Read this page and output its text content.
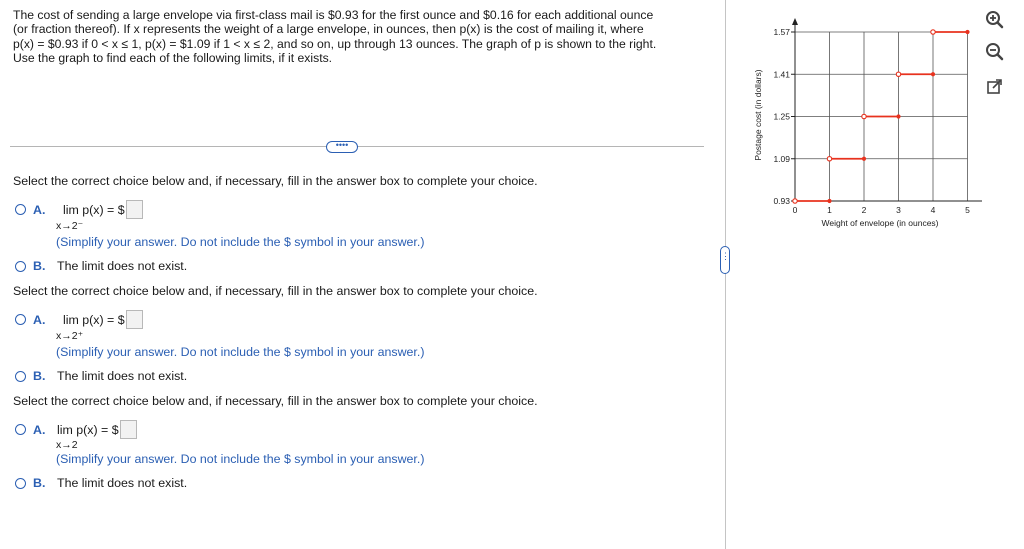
The cost of sending a large envelope via first-class mail is $0.93 for the first ounce and $0.16 for each additional ounce
(or fraction thereof). If x represents the weight of a large envelope, in ounces, then p(x) is the cost of mailing it, where
p(x) = $0.93 if 0 < x ≤ 1, p(x) = $1.09 if 1 < x ≤ 2, and so on, up through 13 ounces. The graph of p is shown to the right.
Use the graph to find each of the following limits, if it exists.
••••
Select the correct choice below and, if necessary, fill in the answer box to complete your choice.
A.	lim p(x) = $
x→2⁻
(Simplify your answer. Do not include the $ symbol in your answer.)
B. The limit does not exist.
Select the correct choice below and, if necessary, fill in the answer box to complete your choice.
A.	lim p(x) = $
x→2⁺
(Simplify your answer. Do not include the $ symbol in your answer.)
B. The limit does not exist.
Select the correct choice below and, if necessary, fill in the answer box to complete your choice.
A. lim p(x) = $
x→2
(Simplify your answer. Do not include the $ symbol in your answer.)
B. The limit does not exist.
⋮
0.93
1.09
1.25
1.41
1.57
0	1	2	3	4	5
Weight of envelope (in ounces)
Postage cost (in dollars)
